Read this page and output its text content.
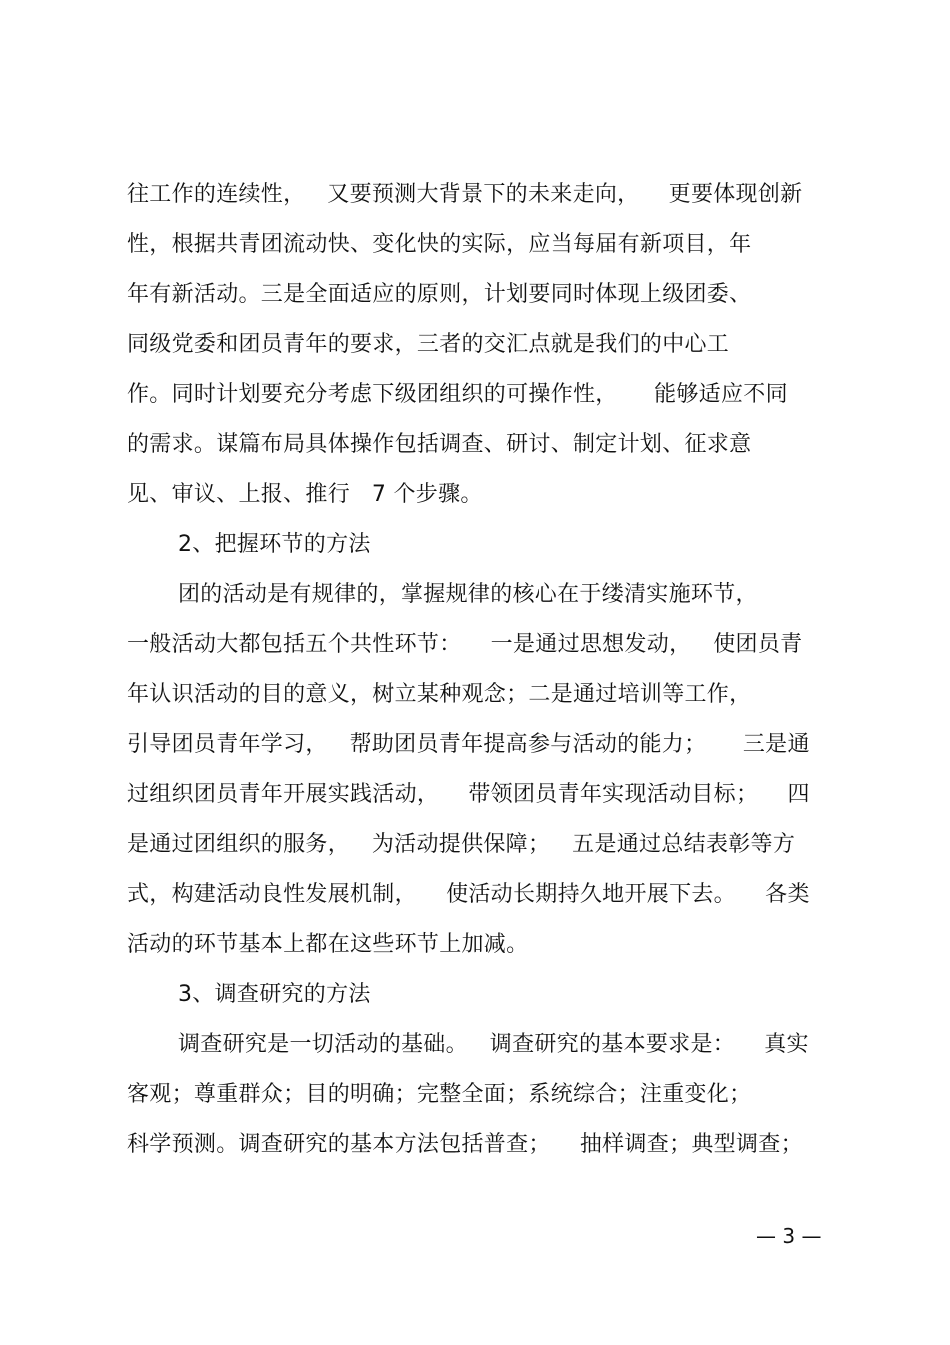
往工作的连续性，   又要预测大背景下的未来走向，    更要体现创新
性，根据共青团流动快、变化快的实际，应当每届有新项目，年
年有新活动。三是全面适应的原则，计划要同时体现上级团委、
同级党委和团员青年的要求，三者的交汇点就是我们的中心工
作。同时计划要充分考虑下级团组织的可操作性，     能够适应不同
的需求。谋篇布局具体操作包括调查、研讨、制定计划、征求意
见、审议、上报、推行   7 个步骤。
2、把握环节的方法
团的活动是有规律的，掌握规律的核心在于缕清实施环节，
一般活动大都包括五个共性环节：    一是通过思想发动，   使团员青
年认识活动的目的意义，树立某种观念；二是通过培训等工作，
引导团员青年学习，   帮助团员青年提高参与活动的能力；     三是通
过组织团员青年开展实践活动，    带领团员青年实现活动目标；    四
是通过团组织的服务，   为活动提供保障；   五是通过总结表彰等方
式，构建活动良性发展机制，    使活动长期持久地开展下去。    各类
活动的环节基本上都在这些环节上加减。
3、调查研究的方法
调查研究是一切活动的基础。   调查研究的基本要求是：    真实
客观；尊重群众；目的明确；完整全面；系统综合；注重变化；
科学预测。调查研究的基本方法包括普查；    抽样调查；典型调查；
— 3 —
